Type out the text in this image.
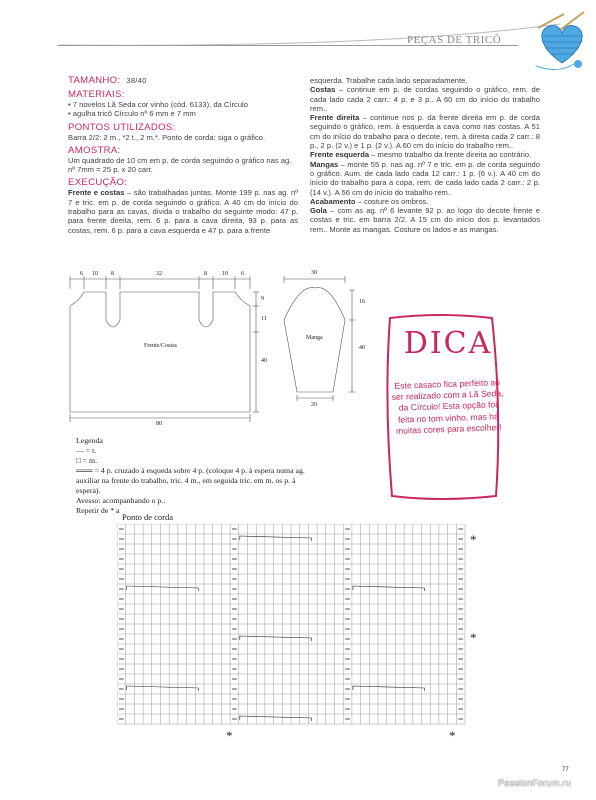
PEÇAS DE TRICÔ
TAMANHO: 38/40
MATERIAIS:

• 7 novelos Lã Seda cor vinho (cód. 6133), da Círculo

• agulha tricô Círculo nº 6 mm e 7 mm

PONTOS UTILIZADOS:

Barra 2/2: 2 m., *2 t., 2 m.*. Ponto de corda: siga o gráfico.

AMOSTRA:

Um quadrado de 10 cm em p. de corda seguindo o gráfico nas ag. nº 7mm = 25 p. x 20 carr.

EXECUÇÃO:

Frente e costas – são trabalhadas juntas. Monte 199 p. nas ag. nº 7 e tric. em p. de corda seguindo o gráfico. A 40 cm do início do trabalho para as cavas, divida o trabalho do seguinte modo: 47 p. para frente direita, rem. 6 p. para a cava direita, 93 p. para as costas, rem. 6 p. para a cava esquerda e 47 p. para a frente

esquerda. Trabalhe cada lado separadamente.

Costas – continue em p. de cordas seguindo o gráfico, rem. de cada lado cada 2 carr.: 4 p. e 3 p.. A 60 cm do início do trabalho rem..

Frente direita – continue nos p. da frente direita em p. de corda seguindo o gráfico, rem. à esquerda a cava como nas costas. A 51 cm do início do trabalho para o decote, rem. à direita cada 2 carr.: 8 p., 2 p. (2 v.) e 1 p. (2 v.). A 60 cm do início do trabalho rem..

Frente esquerda – mesmo trabalho da frente direita ao contrário.

Mangas – monte 55 p. nas ag. nº 7 e tric. em p. de corda seguindo o gráfico. Aum. de cada lado cada 12 carr.: 1 p. (6 v.). A 40 cm do início do trabalho para a copa, rem. de cada lado cada 2 carr.: 2 p. (14 v.). A 56 cm do início do trabalho rem..

Acabamento – costure os ombros.

Gola – com as ag. nº 6 levante 92 p. ao logo do decote frente e costas e tric. em barra 2/2. A 15 cm do início dos p. levantados rem.. Monte as mangas. Costure os lados e as mangas.

6 10 8	32	8	10 6
Frente/Costas
80
9
11
40
Manga
30
20
16
40 DICA
Este casaco fica perfeito ao ser realizado com a Lã Seda, da Círculo! Esta opção foi feita no tom vinho, mas há muitas cores para escolher!
Legenda
— = t.
□ = m.
═══ = 4 p. cruzado à esqueda sobre 4 p. (coloque 4 p. à espera numa ag. auxiliar na frente do trabalho, tric. 4 m., em seguida tric. em m. os p. à espera).
Avesso: acompanhando o p..
Repetir de * a
Ponto de corda
*
*
*	*
77
PassionForum.ru
